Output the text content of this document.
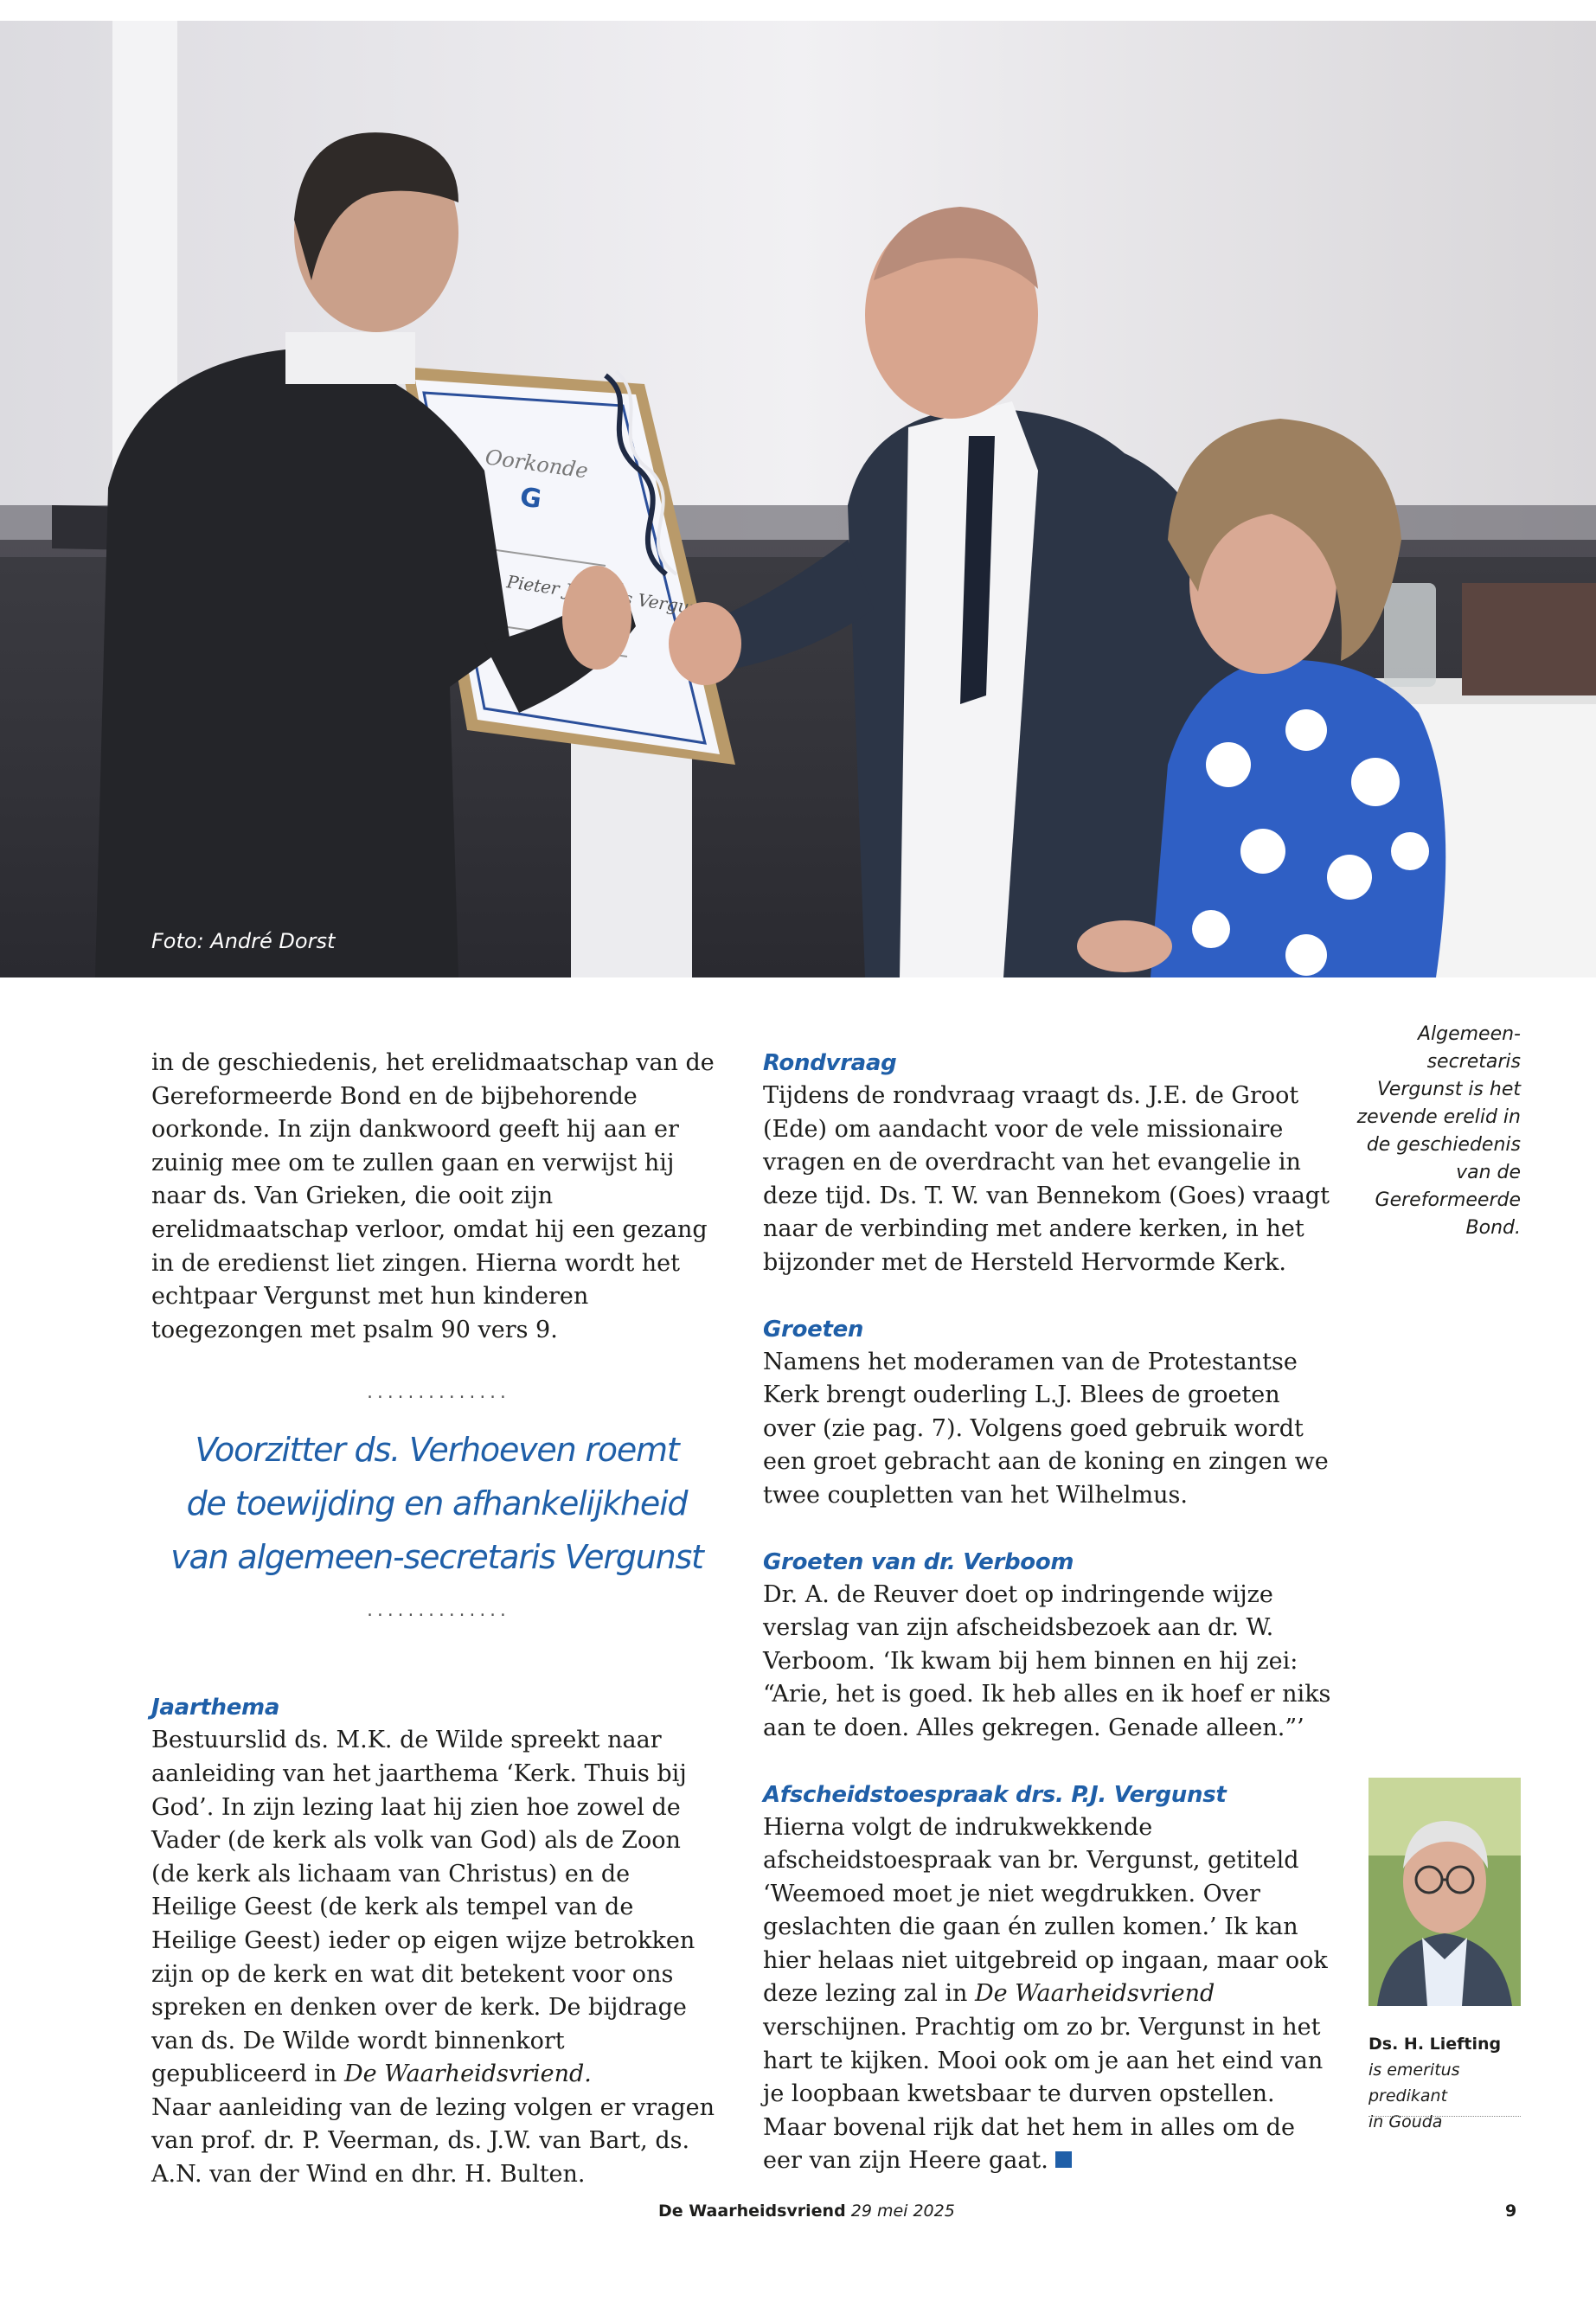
Oorkonde
G
Pieter Vergunst
Foto: André Dorst
Algemeen-secretaris Vergunst is het zevende erelid in de geschiedenis van de Gereformeerde Bond.

in de geschiedenis, het erelidmaatschap van de Gereformeerde Bond en de bijbehorende oorkonde. In zijn dankwoord geeft hij aan er zuinig mee om te zullen gaan en verwijst hij naar ds. Van Grieken, die ooit zijn erelidmaatschap verloor, omdat hij een gezang in de eredienst liet zingen. Hierna wordt het echtpaar Vergunst met hun kinderen toegezongen met psalm 90 vers 9.

..............
Voorzitter ds. Verhoeven roemt
de toewijding en afhankelijkheid
van algemeen-secretaris Vergunst
..............
Jaarthema

Bestuurslid ds. M.K. de Wilde spreekt naar aanleiding van het jaarthema ‘Kerk. Thuis bij God’. In zijn lezing laat hij zien hoe zowel de Vader (de kerk als volk van God) als de Zoon (de kerk als lichaam van Christus) en de Heilige Geest (de kerk als tempel van de Heilige Geest) ieder op eigen wijze betrokken zijn op de kerk en wat dit betekent voor ons spreken en denken over de kerk. De bijdrage van ds. De Wilde wordt binnenkort gepubliceerd in De Waarheidsvriend.

Naar aanleiding van de lezing volgen er vragen van prof. dr. P. Veerman, ds. J.W. van Bart, ds. A.N. van der Wind en dhr. H. Bulten.

Rondvraag

Tijdens de rondvraag vraagt ds. J.E. de Groot (Ede) om aandacht voor de vele missionaire vragen en de overdracht van het evangelie in deze tijd. Ds. T. W. van Bennekom (Goes) vraagt naar de verbinding met andere kerken, in het bijzonder met de Hersteld Hervormde Kerk.

Groeten

Namens het moderamen van de Protestantse Kerk brengt ouderling L.J. Blees de groeten over (zie pag. 7). Volgens goed gebruik wordt een groet gebracht aan de koning en zingen we twee coupletten van het Wilhelmus.

Groeten van dr. Verboom

Dr. A. de Reuver doet op indringende wijze verslag van zijn afscheidsbezoek aan dr. W. Verboom. ‘Ik kwam bij hem binnen en hij zei: “Arie, het is goed. Ik heb alles en ik hoef er niks aan te doen. Alles gekregen. Genade alleen.”’

Afscheidstoespraak drs. P.J. Vergunst

Hierna volgt de indrukwekkende afscheidstoespraak van br. Vergunst, getiteld ‘Weemoed moet je niet wegdrukken. Over geslachten die gaan én zullen komen.’ Ik kan hier helaas niet uitgebreid op ingaan, maar ook deze lezing zal in De Waarheidsvriend verschijnen. Prachtig om zo br. Vergunst in het hart te kijken. Mooi ook om je aan het eind van je loopbaan kwetsbaar te durven opstellen. Maar bovenal rijk dat het hem in alles om de eer van zijn Heere gaat.

Ds. H. Liefting
is emeritus predikant
in Gouda
De Waarheidsvriend 29 mei 2025	9
